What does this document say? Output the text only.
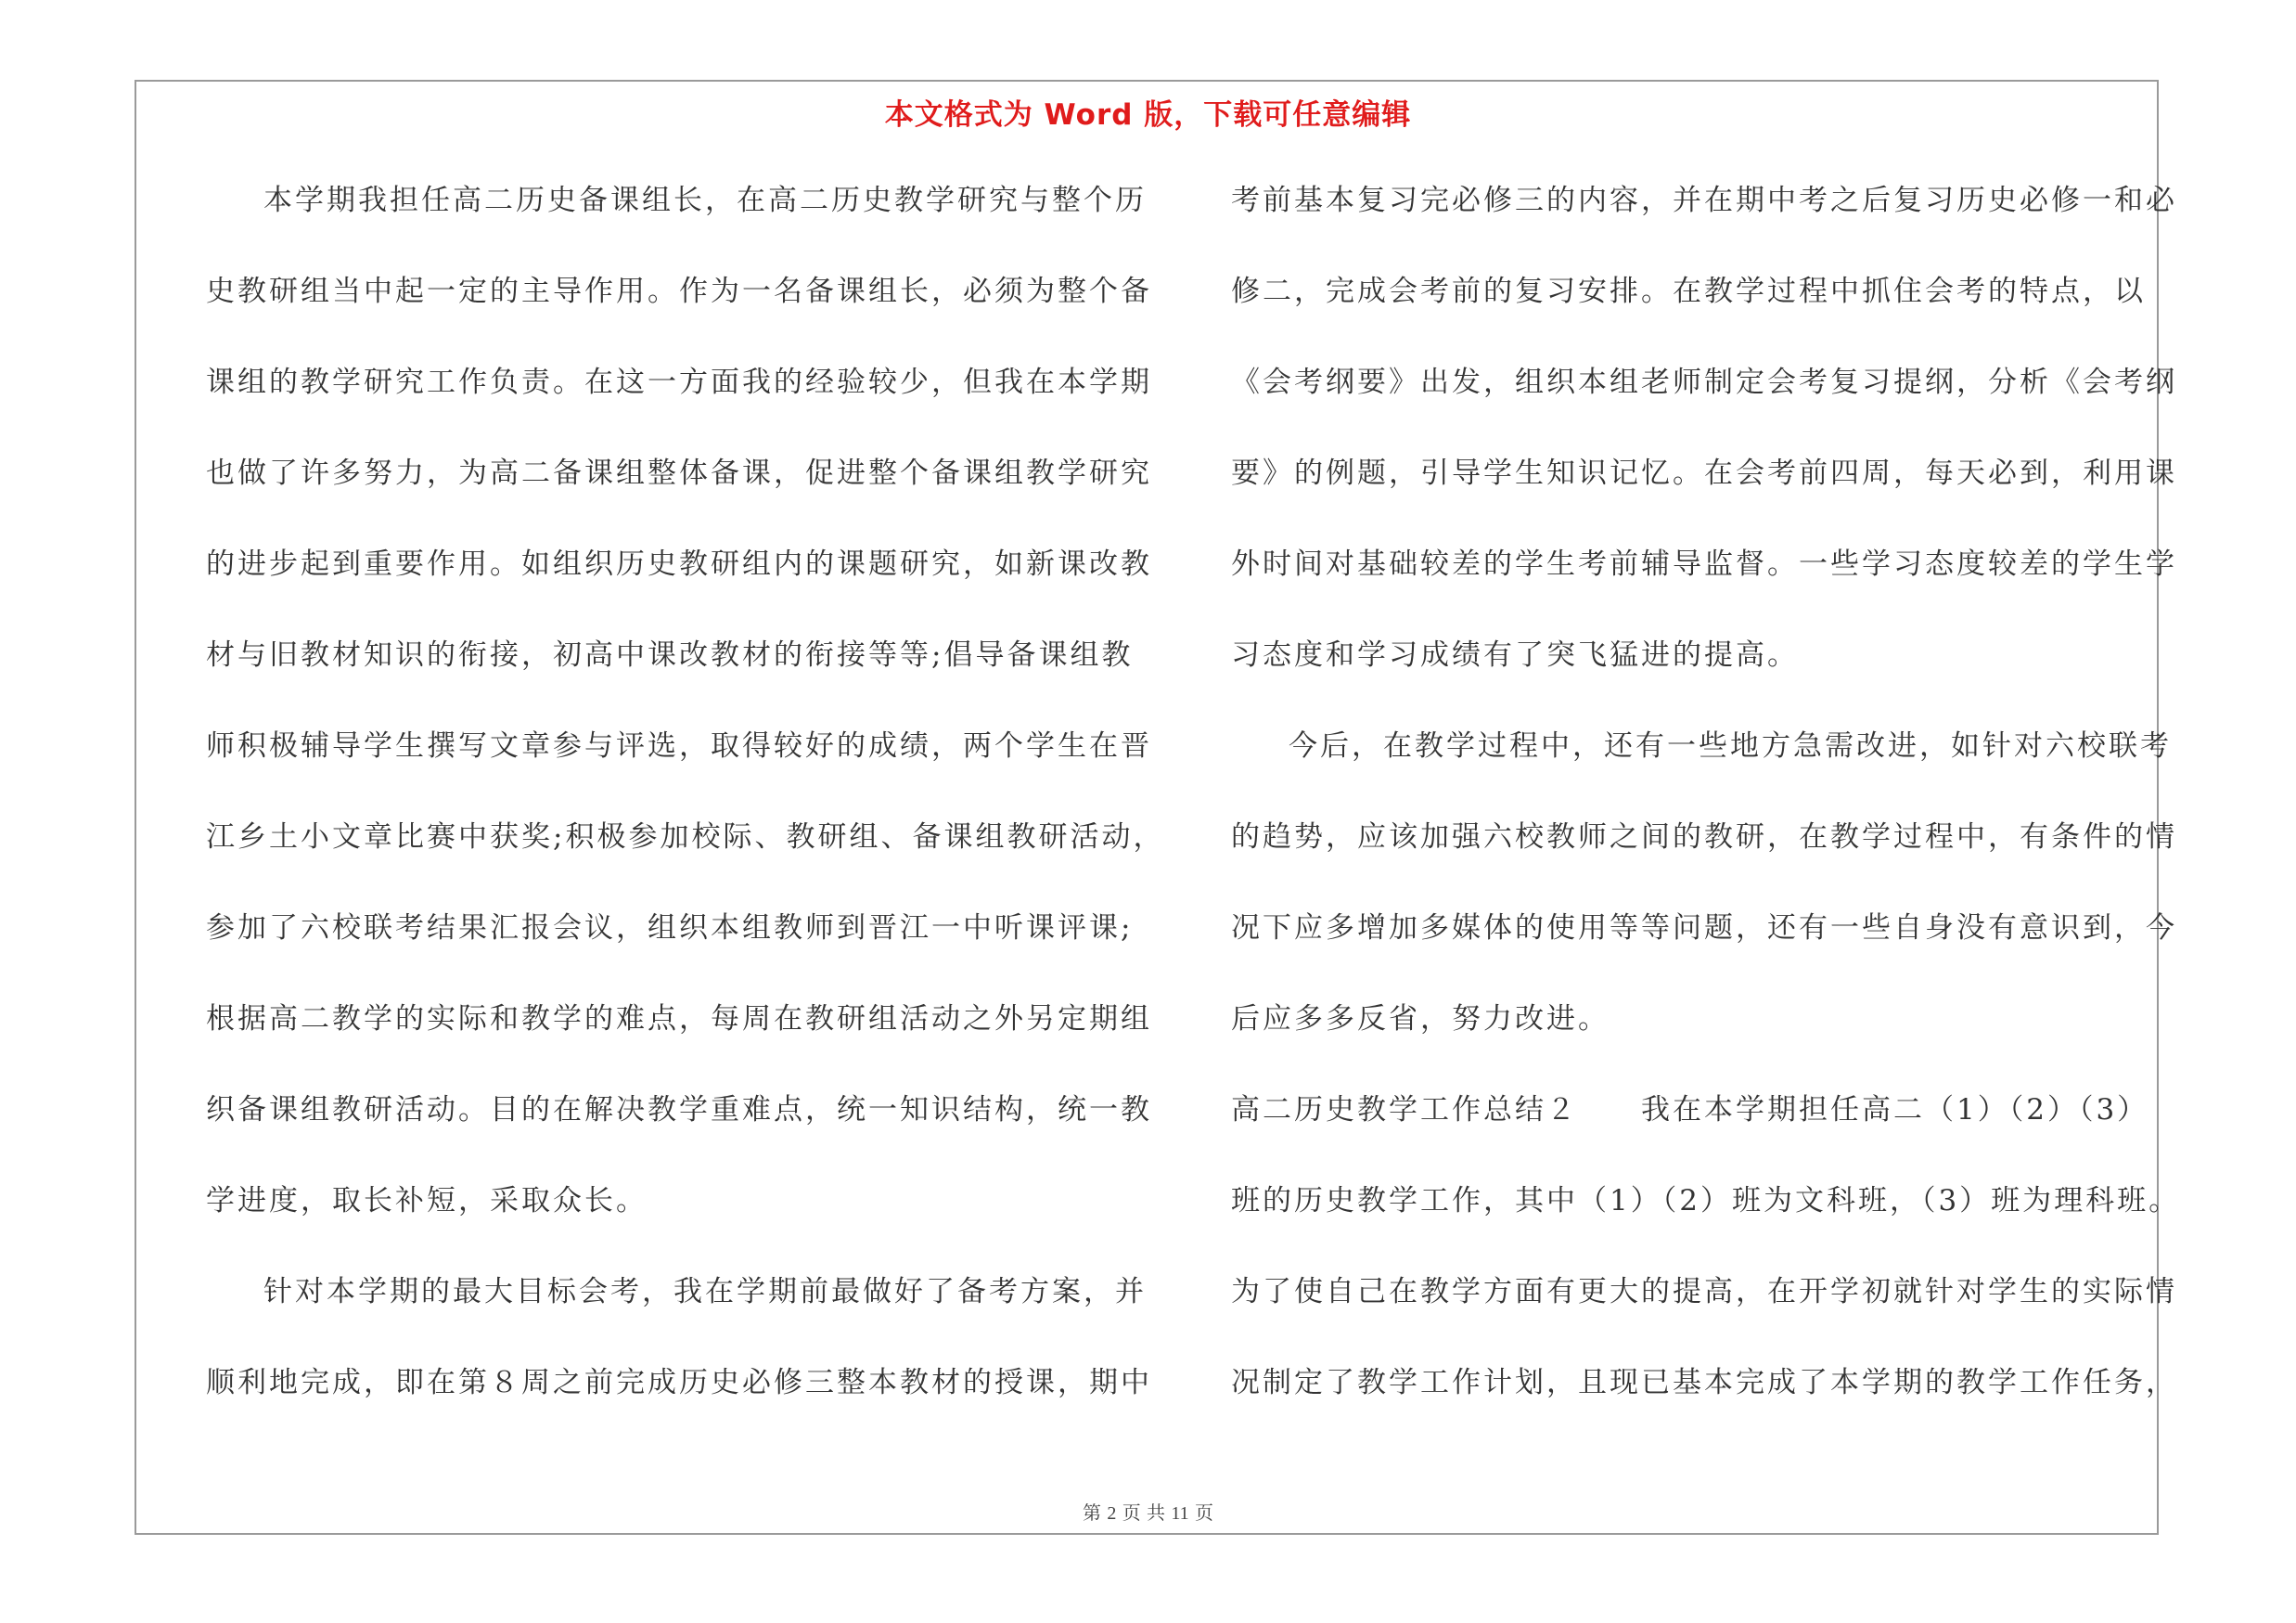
本文格式为 Word 版，下载可任意编辑
本学期我担任高二历史备课组长，在高二历史教学研究与整个历
史教研组当中起一定的主导作用。作为一名备课组长，必须为整个备
课组的教学研究工作负责。在这一方面我的经验较少，但我在本学期
也做了许多努力，为高二备课组整体备课，促进整个备课组教学研究
的进步起到重要作用。如组织历史教研组内的课题研究，如新课改教
材与旧教材知识的衔接，初高中课改教材的衔接等等;倡导备课组教
师积极辅导学生撰写文章参与评选，取得较好的成绩，两个学生在晋
江乡土小文章比赛中获奖;积极参加校际、教研组、备课组教研活动，
参加了六校联考结果汇报会议，组织本组教师到晋江一中听课评课;
根据高二教学的实际和教学的难点，每周在教研组活动之外另定期组
织备课组教研活动。目的在解决教学重难点，统一知识结构，统一教
学进度，取长补短，采取众长。
针对本学期的最大目标会考，我在学期前最做好了备考方案，并
顺利地完成，即在第８周之前完成历史必修三整本教材的授课，期中
考前基本复习完必修三的内容，并在期中考之后复习历史必修一和必
修二，完成会考前的复习安排。在教学过程中抓住会考的特点，以
《会考纲要》出发，组织本组老师制定会考复习提纲，分析《会考纲
要》的例题，引导学生知识记忆。在会考前四周，每天必到，利用课
外时间对基础较差的学生考前辅导监督。一些学习态度较差的学生学
习态度和学习成绩有了突飞猛进的提高。
今后，在教学过程中，还有一些地方急需改进，如针对六校联考
的趋势，应该加强六校教师之间的教研，在教学过程中，有条件的情
况下应多增加多媒体的使用等等问题，还有一些自身没有意识到，今
后应多多反省，努力改进。
高二历史教学工作总结２　　我在本学期担任高二（1）（2）（3）
班的历史教学工作，其中（1）（2）班为文科班，（3）班为理科班。
为了使自己在教学方面有更大的提高，在开学初就针对学生的实际情
况制定了教学工作计划，且现已基本完成了本学期的教学工作任务，
第 2 页 共 11 页
